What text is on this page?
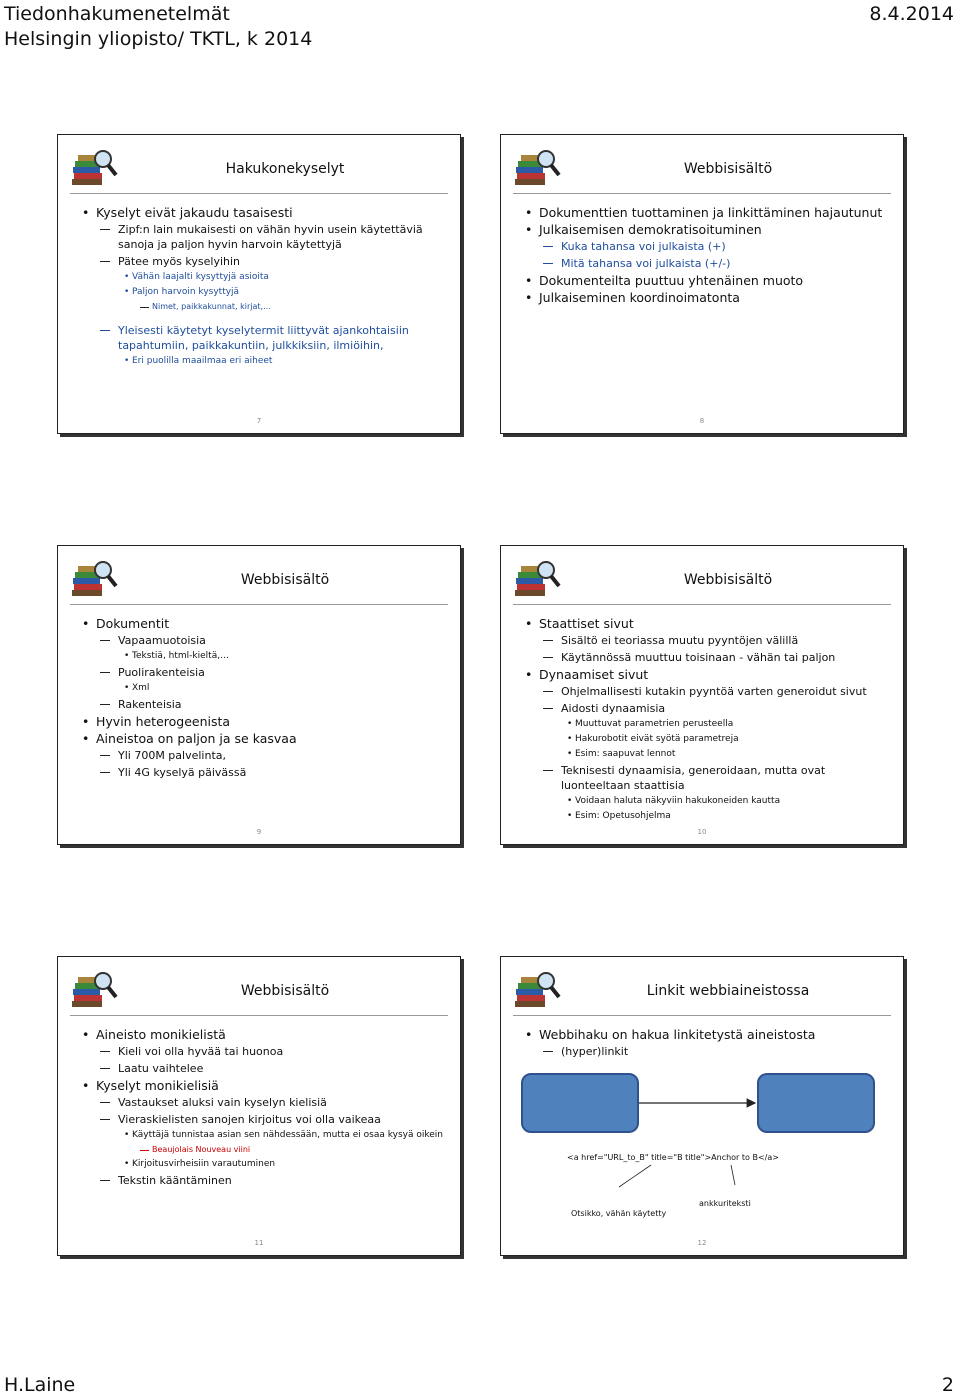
Tiedonhakumenetelmät	8.4.2014
Helsingin yliopisto/ TKTL, k 2014
Hakukonekyselyt
• Kyselyt eivät jakaudu tasaisesti
Zipf:n lain mukaisesti on vähän hyvin usein käytettäviä sanoja ja paljon hyvin harvoin käytettyjä
Pätee myös kyselyihin
• Vähän laajalti kysyttyjä asioita
• Paljon harvoin kysyttyjä
Nimet, paikkakunnat, kirjat,…
Yleisesti käytetyt kyselytermit liittyvät ajankohtaisiin tapahtumiin, paikkakuntiin, julkkiksiin, ilmiöihin,
• Eri puolilla maailmaa eri aiheet
7
Webbisisältö
• Dokumenttien tuottaminen ja linkittäminen hajautunut
• Julkaisemisen demokratisoituminen
Kuka tahansa voi julkaista (+)
Mitä tahansa voi julkaista (+/-)
• Dokumenteilta puuttuu yhtenäinen muoto
• Julkaiseminen koordinoimatonta
8
Webbisisältö
• Dokumentit
Vapaamuotoisia
• Tekstiä, html-kieltä,…
Puolirakenteisia
• Xml
Rakenteisia
• Hyvin heterogeenista
• Aineistoa on paljon ja se kasvaa
Yli 700M palvelinta,
Yli 4G kyselyä päivässä
9
Webbisisältö
• Staattiset sivut
Sisältö ei teoriassa muutu pyyntöjen välillä
Käytännössä muuttuu toisinaan - vähän tai paljon
• Dynaamiset sivut
Ohjelmallisesti kutakin pyyntöä varten generoidut sivut
Aidosti dynaamisia
• Muuttuvat parametrien perusteella
• Hakurobotit eivät syötä parametreja
• Esim: saapuvat lennot
Teknisesti dynaamisia, generoidaan, mutta ovat luonteeltaan staattisia
• Voidaan haluta näkyviin hakukoneiden kautta
• Esim: Opetusohjelma
10
Webbisisältö
• Aineisto monikielistä
Kieli voi olla hyvää tai huonoa
Laatu vaihtelee
• Kyselyt monikielisiä
Vastaukset aluksi vain kyselyn kielisiä
Vieraskielisten sanojen kirjoitus voi olla vaikeaa
• Käyttäjä tunnistaa asian sen nähdessään, mutta ei osaa kysyä oikein
Beaujolais Nouveau viini
• Kirjoitusvirheisiin varautuminen
Tekstin kääntäminen
11
Linkit webbiaineistossa
• Webbihaku on hakua linkitetystä aineistosta
(hyper)linkit
<a href="URL_to_B" title="B title">Anchor to B</a>
Otsikko, vähän käytetty
ankkuriteksti
12
H.Laine	2
